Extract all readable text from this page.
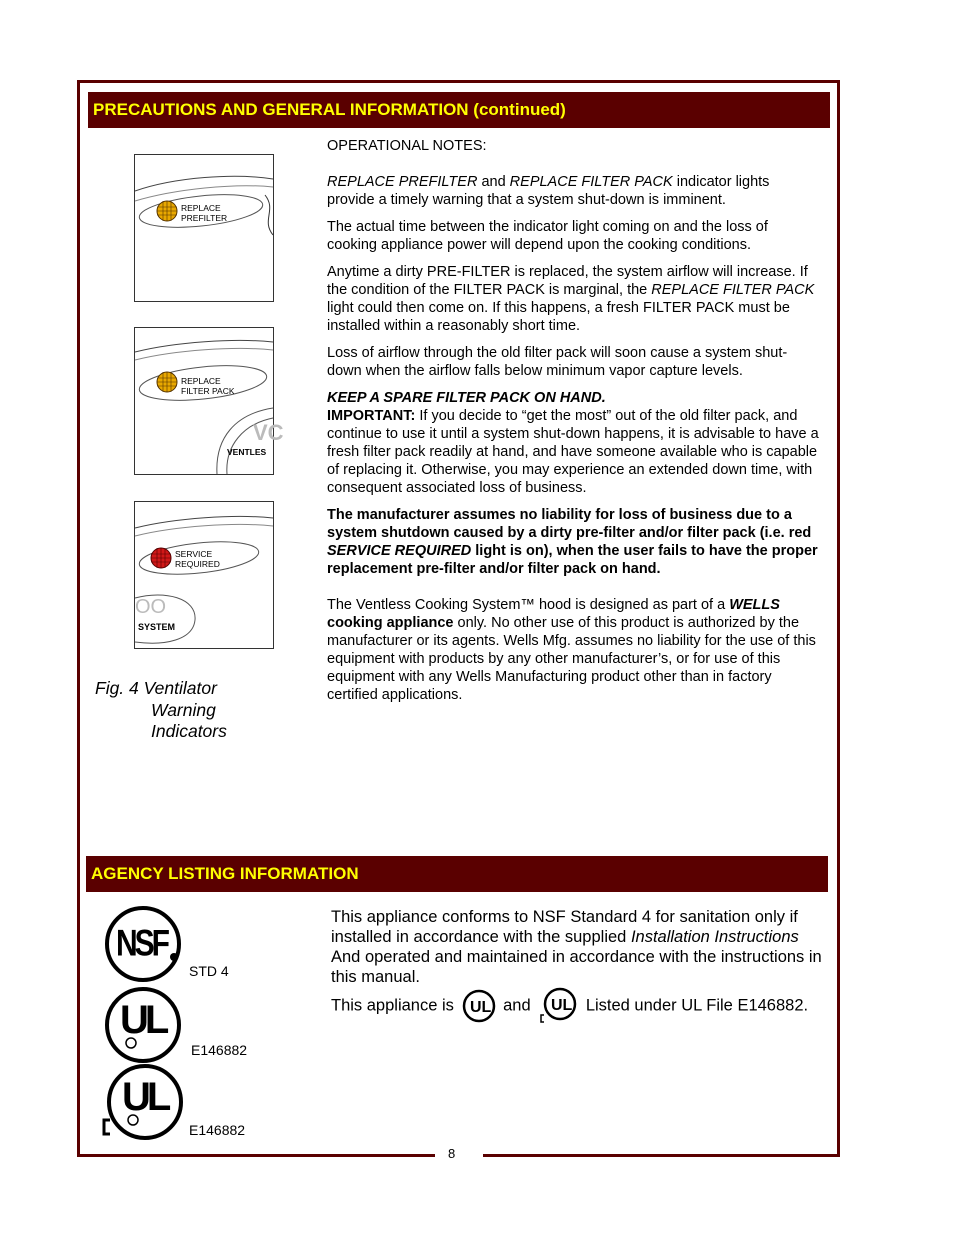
8
PRECAUTIONS AND GENERAL INFORMATION (continued)
REPLACE
PREFILTER
REPLACE
FILTER PACK
VC
VENTLES
SERVICE
REQUIRED
OO
SYSTEM
Fig. 4 Ventilator
Warning
Indicators

OPERATIONAL NOTES:

REPLACE PREFILTER and REPLACE FILTER PACK indicator lights provide a timely warning that a system shut-down is imminent.

The actual time between the indicator light coming on and the loss of cooking appliance power will depend upon the cooking conditions.

Anytime a dirty PRE-FILTER is replaced, the system airflow will increase. If the condition of the FILTER PACK is marginal, the REPLACE FILTER PACK light could then come on. If this happens, a fresh FILTER PACK must be installed within a reasonably short time.

Loss of airflow through the old filter pack will soon cause a system shut-down when the airflow falls below minimum vapor capture levels.

KEEP A SPARE FILTER PACK ON HAND.
IMPORTANT: If you decide to “get the most” out of the old filter pack, and continue to use it until a system shut-down happens, it is advisable to have a fresh filter pack readily at hand, and have someone available who is capable of replacing it. Otherwise, you may experience an extended down time, with consequent associated loss of business.

The manufacturer assumes no liability for loss of business due to a system shutdown caused by a dirty pre-filter and/or filter pack (i.e. red SERVICE REQUIRED light is on), when the user fails to have the proper replacement pre-filter and/or filter pack on hand.

The Ventless Cooking System™ hood is designed as part of a WELLS cooking appliance only. No other use of this product is authorized by the manufacturer or its agents. Wells Mfg. assumes no liability for the use of this equipment with products by any other manufacturer’s, or for use of this equipment with any Wells Manufacturing product other than in factory certified applications.

AGENCY LISTING INFORMATION
NSF
STD 4
UL
E146882
UL
E146882
This appliance conforms to NSF Standard 4 for sanitation only if installed in accordance with the supplied Installation Instructions
And operated and maintained in accordance with the instructions in this manual.
This appliance is UL and UL Listed under UL File E146882.
